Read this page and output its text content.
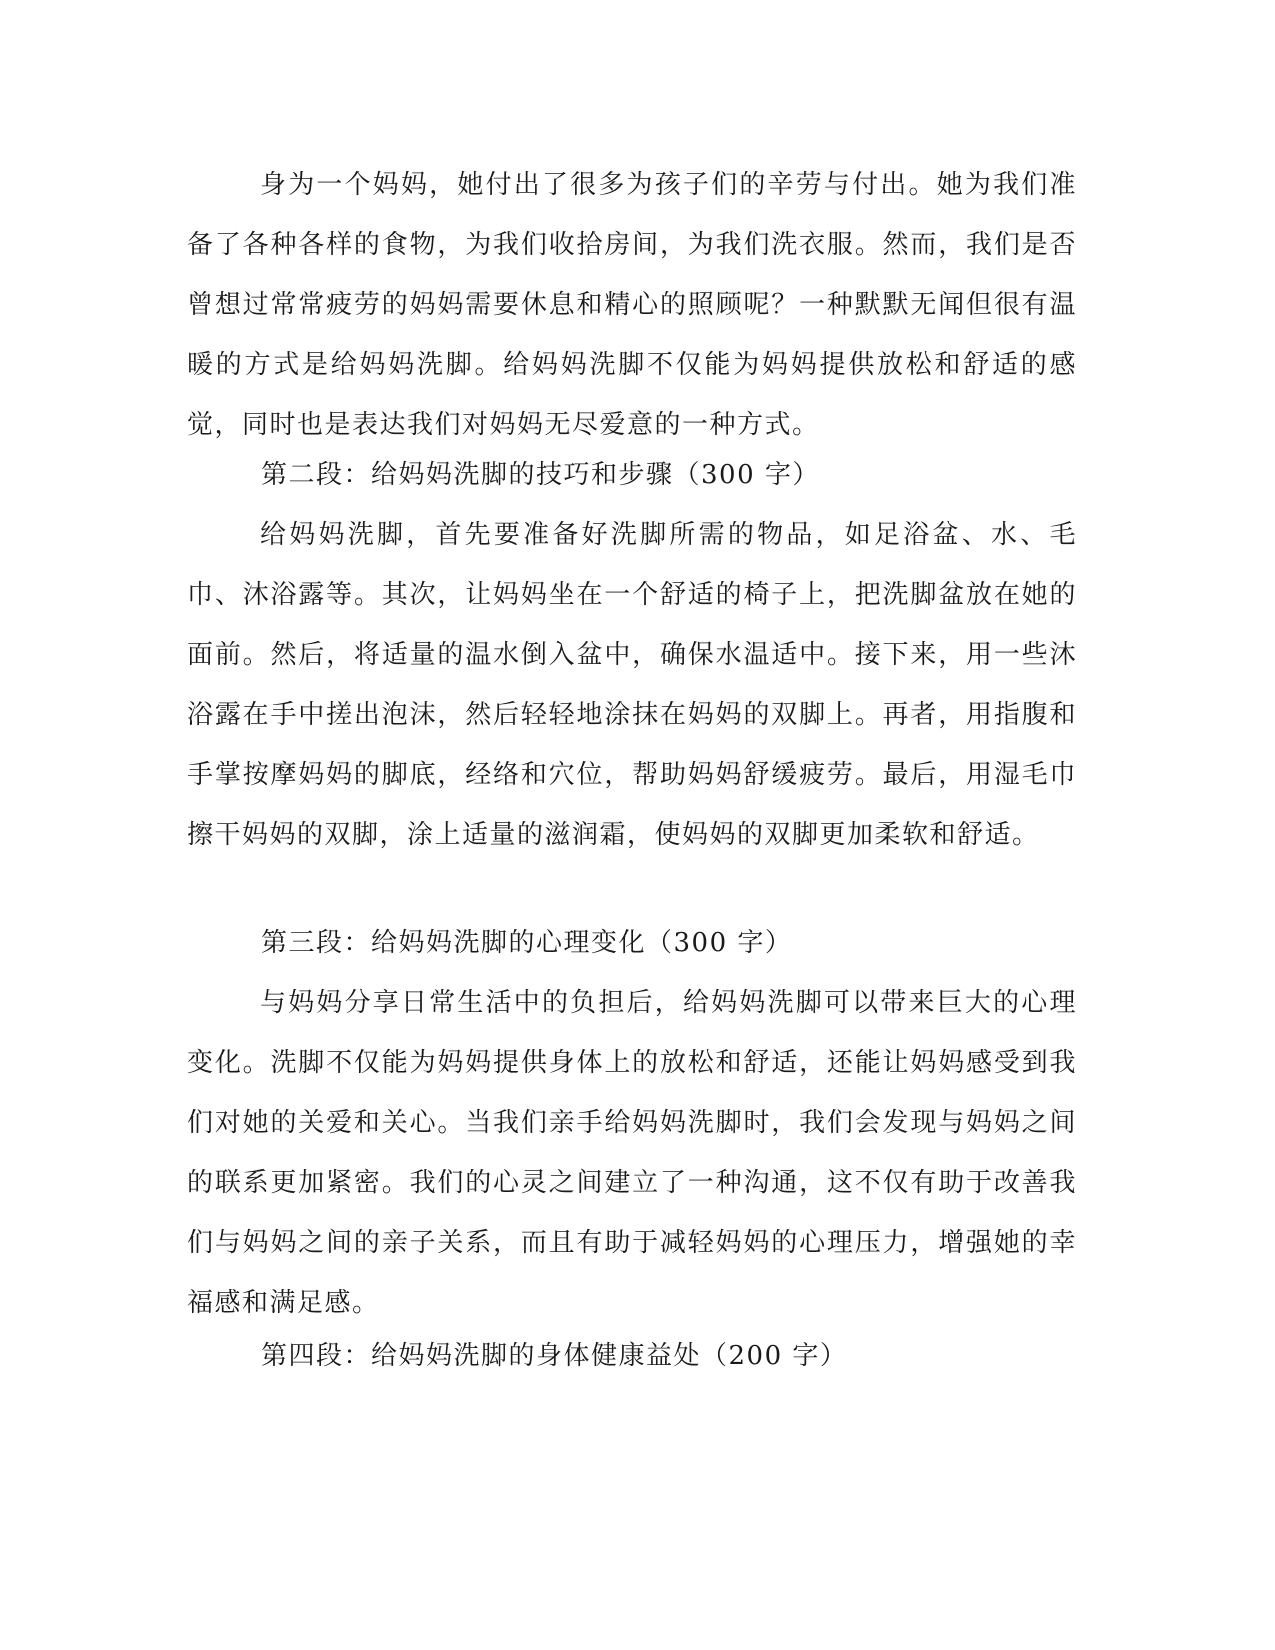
身为一个妈妈，她付出了很多为孩子们的辛劳与付出。她为我们准备了各种各样的食物，为我们收拾房间，为我们洗衣服。然而，我们是否曾想过常常疲劳的妈妈需要休息和精心的照顾呢？一种默默无闻但很有温暖的方式是给妈妈洗脚。给妈妈洗脚不仅能为妈妈提供放松和舒适的感觉，同时也是表达我们对妈妈无尽爱意的一种方式。

第二段：给妈妈洗脚的技巧和步骤（300 字）

给妈妈洗脚，首先要准备好洗脚所需的物品，如足浴盆、水、毛巾、沐浴露等。其次，让妈妈坐在一个舒适的椅子上，把洗脚盆放在她的面前。然后，将适量的温水倒入盆中，确保水温适中。接下来，用一些沐浴露在手中搓出泡沫，然后轻轻地涂抹在妈妈的双脚上。再者，用指腹和手掌按摩妈妈的脚底，经络和穴位，帮助妈妈舒缓疲劳。最后，用湿毛巾擦干妈妈的双脚，涂上适量的滋润霜，使妈妈的双脚更加柔软和舒适。

第三段：给妈妈洗脚的心理变化（300 字）

与妈妈分享日常生活中的负担后，给妈妈洗脚可以带来巨大的心理变化。洗脚不仅能为妈妈提供身体上的放松和舒适，还能让妈妈感受到我们对她的关爱和关心。当我们亲手给妈妈洗脚时，我们会发现与妈妈之间的联系更加紧密。我们的心灵之间建立了一种沟通，这不仅有助于改善我们与妈妈之间的亲子关系，而且有助于减轻妈妈的心理压力，增强她的幸福感和满足感。

第四段：给妈妈洗脚的身体健康益处（200 字）
